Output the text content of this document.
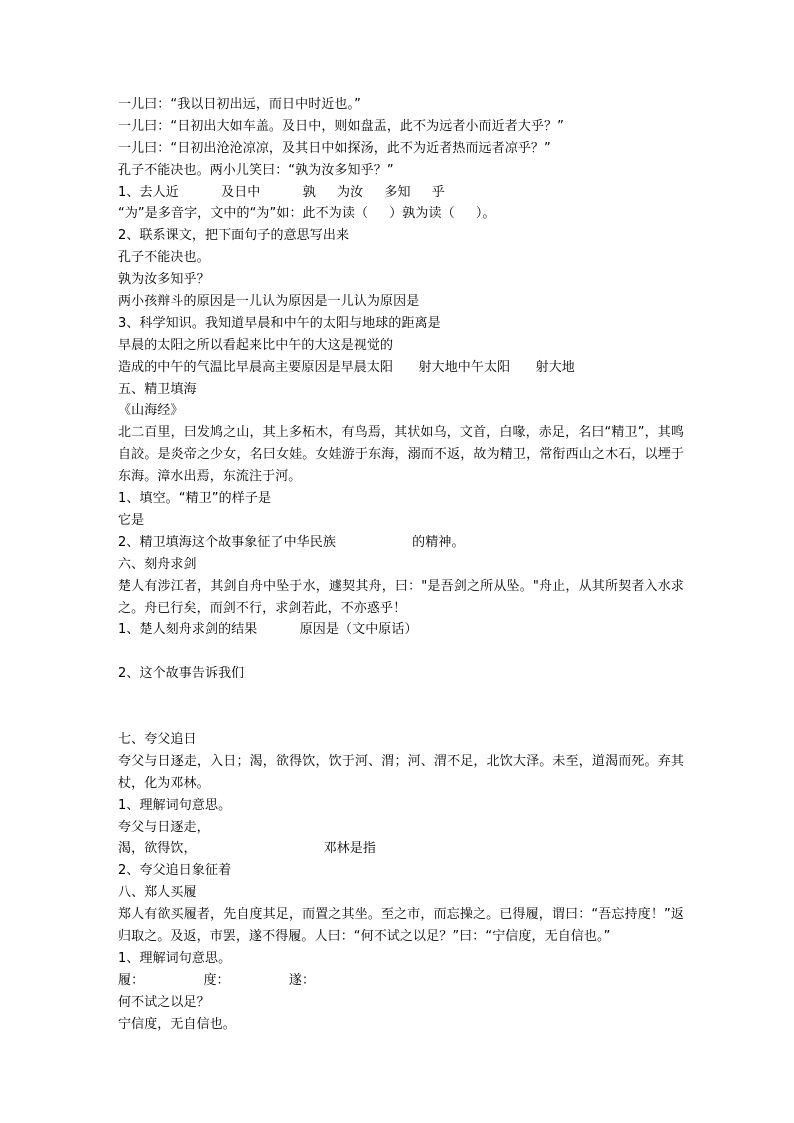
一儿曰：“我以日初出远，而日中时近也。”
一儿曰：“日初出大如车盖。及日中，则如盘盂，此不为远者小而近者大乎？”
一儿曰：“日初出沧沧凉凉，及其日中如探汤，此不为近者热而远者凉乎？”
孔子不能决也。两小儿笑曰：“孰为汝多知乎？”
1、去人近          及日中          孰     为汝     多知     乎
“为”是多音字，文中的“为”如：此不为读（     ）孰为读（     ）。
2、联系课文，把下面句子的意思写出来
孔子不能决也。
孰为汝多知乎？
两小孩辩斗的原因是一儿认为原因是一儿认为原因是
3、科学知识。我知道早晨和中午的太阳与地球的距离是
早晨的太阳之所以看起来比中午的大这是视觉的
造成的中午的气温比早晨高主要原因是早晨太阳      射大地中午太阳      射大地
五、精卫填海
《山海经》
北二百里，曰发鸠之山，其上多柘木，有鸟焉，其状如乌，文首，白喙，赤足，名曰“精卫”，其鸣自詨。是炎帝之少女，名曰女娃。女娃游于东海，溺而不返，故为精卫，常衔西山之木石，以堙于东海。漳水出焉，东流注于河。
1、填空。“精卫”的样子是
它是
2、精卫填海这个故事象征了中华民族                  的精神。
六、刻舟求剑
楚人有涉江者，其剑自舟中坠于水，遽契其舟，曰："是吾剑之所从坠。"舟止，从其所契者入水求之。舟已行矣，而剑不行，求剑若此，不亦惑乎！
1、楚人刻舟求剑的结果          原因是（文中原话）
2、这个故事告诉我们
七、夸父追日
夸父与日逐走，入日；渴，欲得饮，饮于河、渭；河、渭不足，北饮大泽。未至，道渴而死。弃其杖，化为邓林。
1、理解词句意思。
夸父与日逐走，
渴，欲得饮，                              邓林是指
2、夸父追日象征着
八、郑人买履
郑人有欲买履者，先自度其足，而置之其坐。至之市，而忘操之。已得履，谓曰：“吾忘持度！”返归取之。及返，市罢，遂不得履。人曰：“何不试之以足？”曰：“宁信度，无自信也。”
1、理解词句意思。
履：              度：              遂：
何不试之以足？
宁信度，无自信也。
